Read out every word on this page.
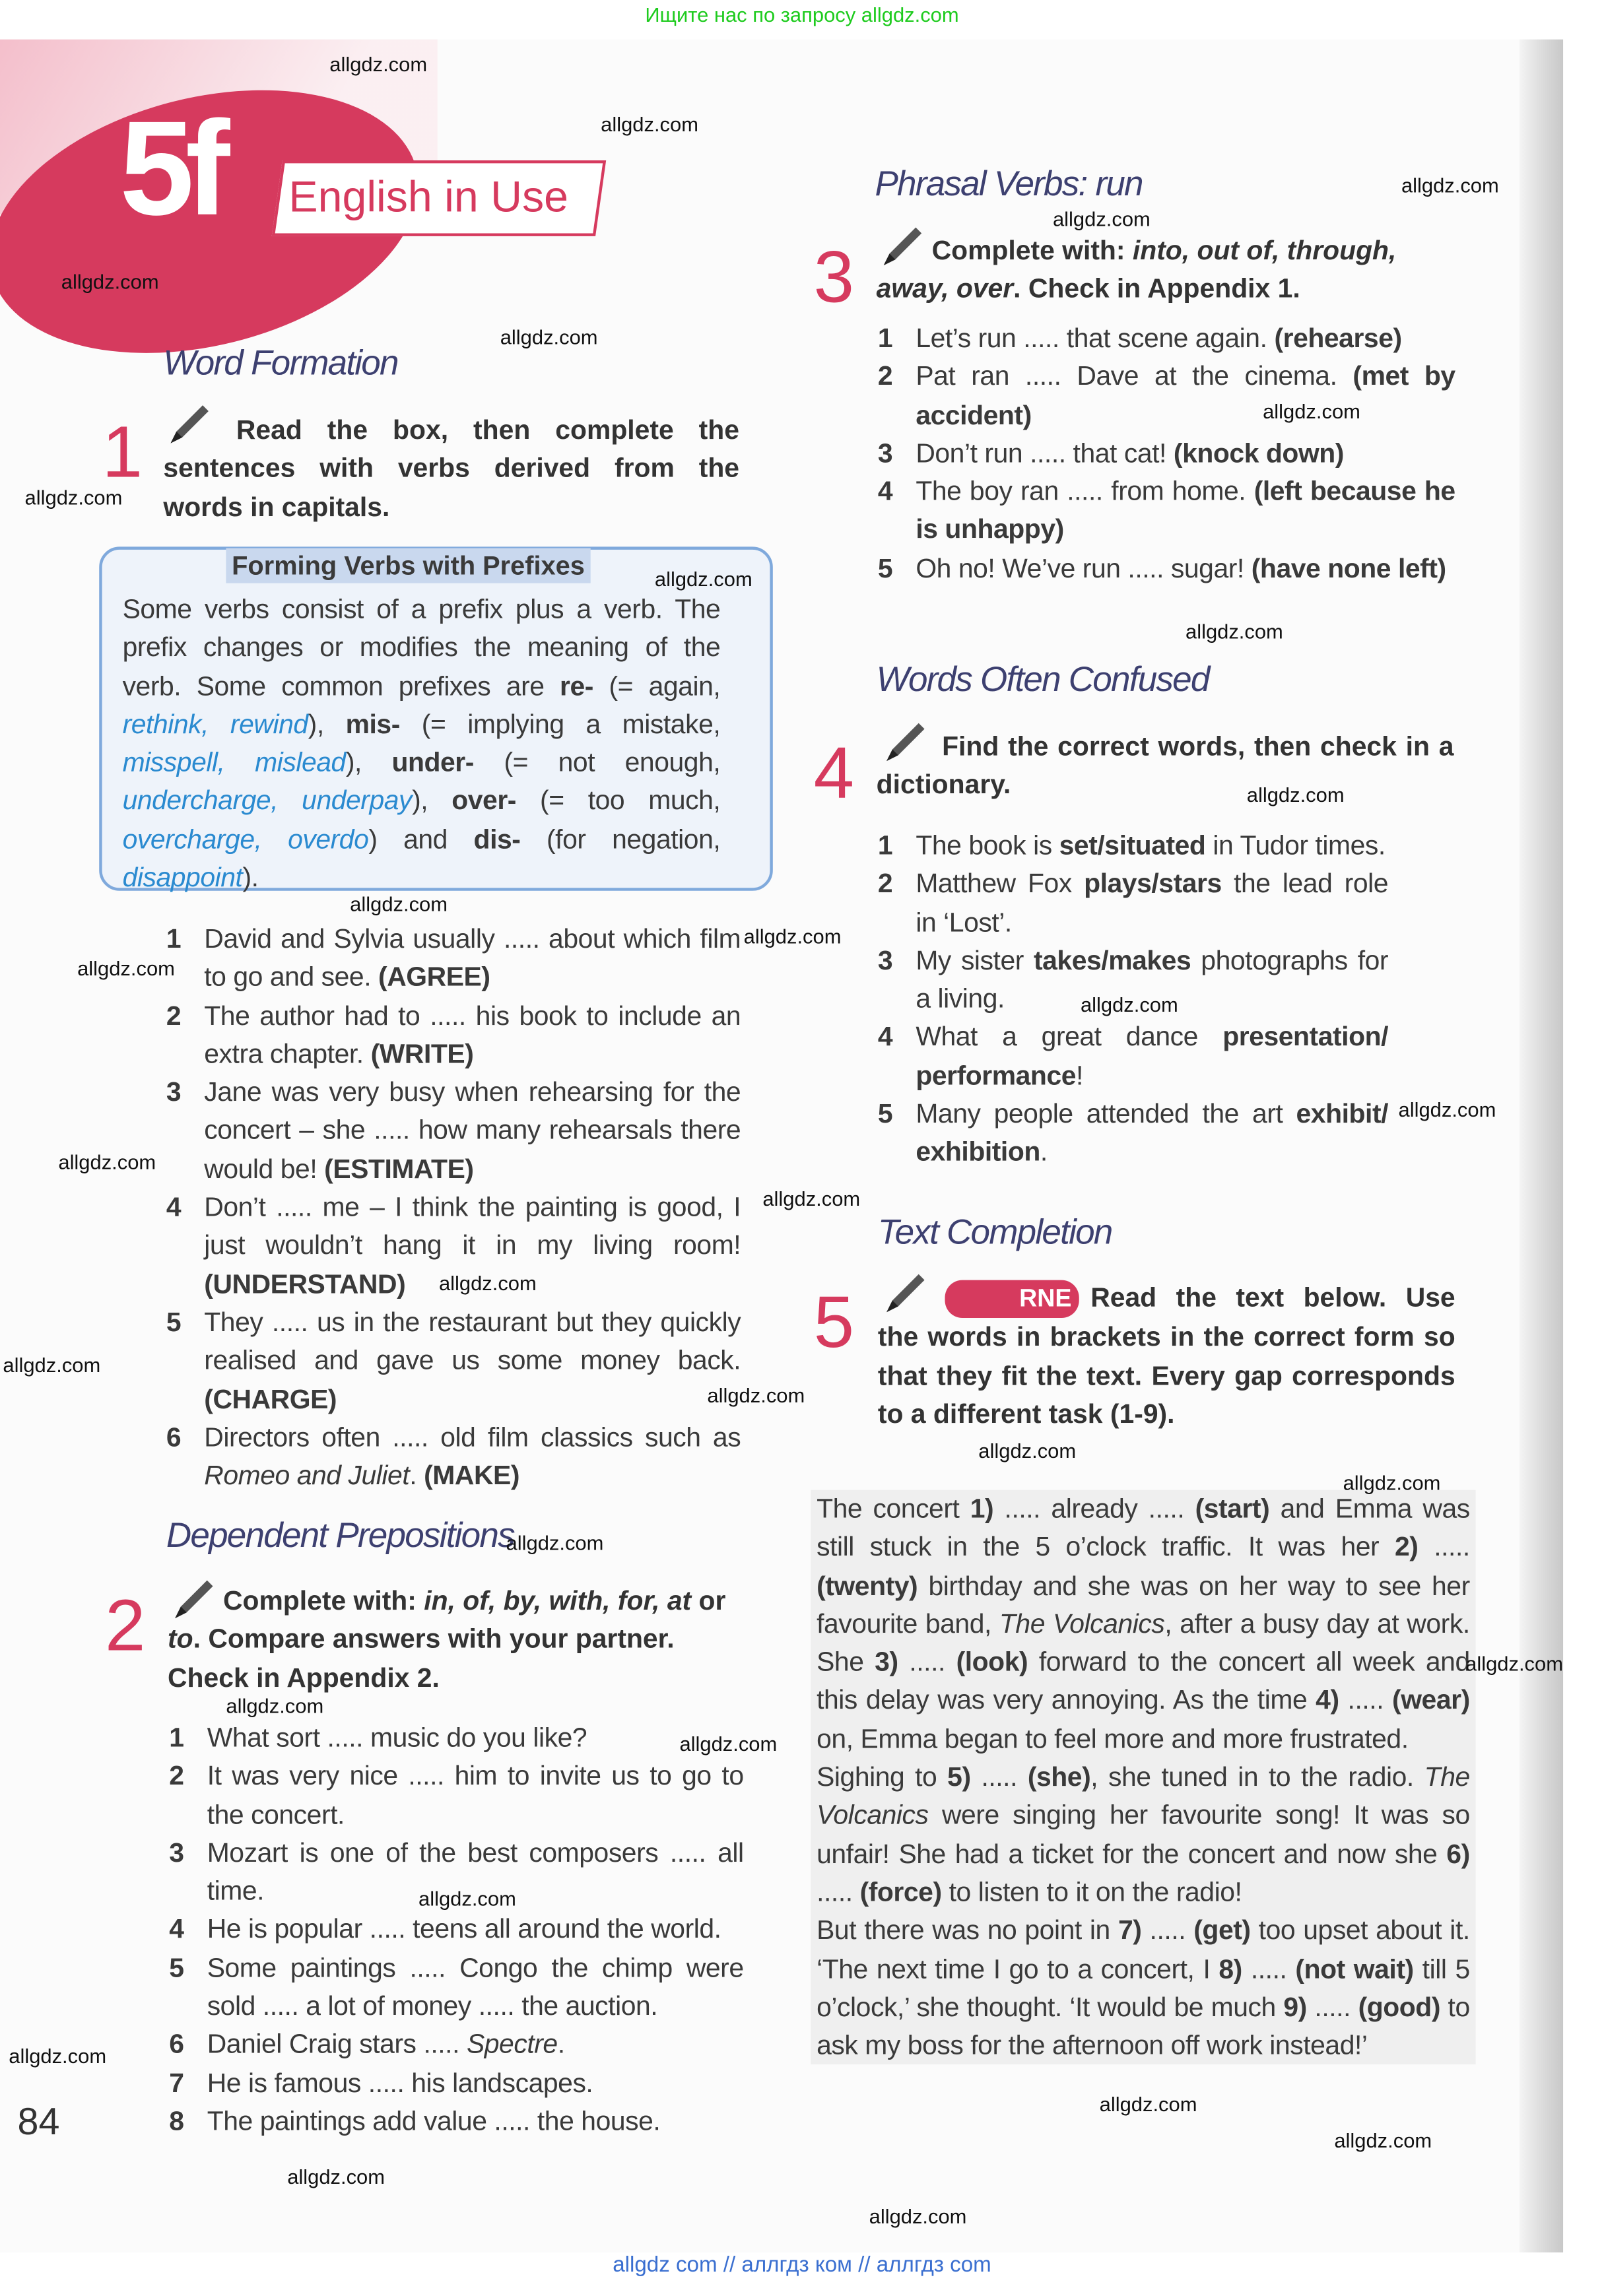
Ищите нас по запросу allgdz.com
5f	English in Use
Word Formation
1	Read the box, then complete the sentences with verbs derived from the words in capitals.
Forming Verbs with Prefixes
Some verbs consist of a prefix plus a verb. The prefix changes or modifies the meaning of the verb. Some common prefixes are re- (= again, rethink, rewind), mis- (= implying a mistake, misspell, mislead), under- (= not enough, undercharge, underpay), over- (= too much, overcharge, overdo) and dis- (for negation, disappoint).
1 David and Sylvia usually ..... about which film to go and see. (AGREE)
2 The author had to ..... his book to include an extra chapter. (WRITE)
3 Jane was very busy when rehearsing for the concert – she ..... how many rehearsals there would be! (ESTIMATE)
4 Don’t ..... me – I think the painting is good, I just wouldn’t hang it in my living room! (UNDERSTAND)
5 They ..... us in the restaurant but they quickly realised and gave us some money back. (CHARGE)
6 Directors often ..... old film classics such as Romeo and Juliet. (MAKE)
Dependent Prepositions
2	Complete with: in, of, by, with, for, at or to. Compare answers with your partner. Check in Appendix 2.
1 What sort ..... music do you like?
2 It was very nice ..... him to invite us to go to the concert.
3 Mozart is one of the best composers ..... all time.
4 He is popular ..... teens all around the world.
5 Some paintings ..... Congo the chimp were sold ..... a lot of money ..... the auction.
6 Daniel Craig stars ..... Spectre.
7 He is famous ..... his landscapes.
8 The paintings add value ..... the house.
Phrasal Verbs: run
3	Complete with: into, out of, through, away, over. Check in Appendix 1.
1 Let’s run ..... that scene again. (rehearse)
2 Pat ran ..... Dave at the cinema. (met by accident)
3 Don’t run ..... that cat! (knock down)
4 The boy ran ..... from home. (left because he is unhappy)
5 Oh no! We’ve run ..... sugar! (have none left)
Words Often Confused
4	Find the correct words, then check in a dictionary.
1 The book is set/situated in Tudor times.
2 Matthew Fox plays/stars the lead role in ‘Lost’.
3 My sister takes/makes photographs for a living.
4 What a great dance presentation/ performance!
5 Many people attended the art exhibit/ exhibition.
Text Completion
5	RNE Read the text below. Use the words in brackets in the correct form so that they fit the text. Every gap corresponds to a different task (1-9).
The concert 1) ..... already ..... (start) and Emma was still stuck in the 5 o’clock traffic. It was her 2) ..... (twenty) birthday and she was on her way to see her favourite band, The Volcanics, after a busy day at work. She 3) ..... (look) forward to the concert all week and this delay was very annoying. As the time 4) ..... (wear) on, Emma began to feel more and more frustrated.
Sighing to 5) ..... (she), she tuned in to the radio. The Volcanics were singing her favourite song! It was so unfair! She had a ticket for the concert and now she 6) ..... (force) to listen to it on the radio!
But there was no point in 7) ..... (get) too upset about it. ‘The next time I go to a concert, I 8) ..... (not wait) till 5 o’clock,’ she thought. ‘It would be much 9) ..... (good) to ask my boss for the afternoon off work instead!’
84
allgdz com // аллгдз ком // аллгдз com
allgdz.com
allgdz.com
allgdz.com
allgdz.com
allgdz.com
allgdz.com
allgdz.com
allgdz.com
allgdz.com
allgdz.com
allgdz.com
allgdz.com
allgdz.com
allgdz.com
allgdz.com
allgdz.com
allgdz.com
allgdz.com
allgdz.com
allgdz.com
allgdz.com
allgdz.com
allgdz.com
allgdz.com
allgdz.com
allgdz.com
allgdz.com
allgdz.com
allgdz.com
allgdz.com
allgdz.com
allgdz.com
allgdz.com
